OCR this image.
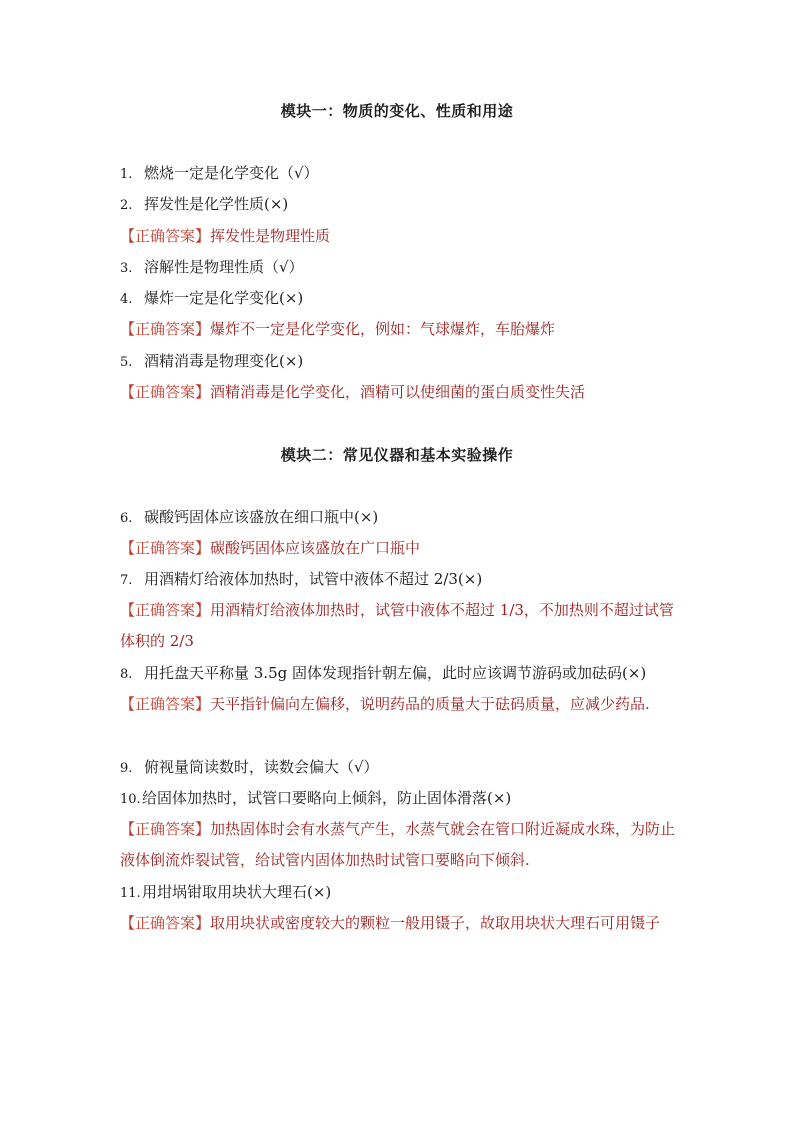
模块一：物质的变化、性质和用途
1. 燃烧一定是化学变化（√）
2. 挥发性是化学性质(×)
【正确答案】挥发性是物理性质
3. 溶解性是物理性质（√）
4. 爆炸一定是化学变化(×)
【正确答案】爆炸不一定是化学变化，例如：气球爆炸，车胎爆炸
5. 酒精消毒是物理变化(×)
【正确答案】酒精消毒是化学变化，酒精可以使细菌的蛋白质变性失活
模块二：常见仪器和基本实验操作
6. 碳酸钙固体应该盛放在细口瓶中(×)
【正确答案】碳酸钙固体应该盛放在广口瓶中
7. 用酒精灯给液体加热时，试管中液体不超过 2/3(×)
【正确答案】用酒精灯给液体加热时，试管中液体不超过 1/3，不加热则不超过试管体积的 2/3
8. 用托盘天平称量 3.5g 固体发现指针朝左偏，此时应该调节游码或加砝码(×)
【正确答案】天平指针偏向左偏移，说明药品的质量大于砝码质量，应减少药品.
9. 俯视量筒读数时，读数会偏大（√）
10.给固体加热时，试管口要略向上倾斜，防止固体滑落(×)
【正确答案】加热固体时会有水蒸气产生，水蒸气就会在管口附近凝成水珠，为防止液体倒流炸裂试管，给试管内固体加热时试管口要略向下倾斜.
11.用坩埚钳取用块状大理石(×)
【正确答案】取用块状或密度较大的颗粒一般用镊子，故取用块状大理石可用镊子
